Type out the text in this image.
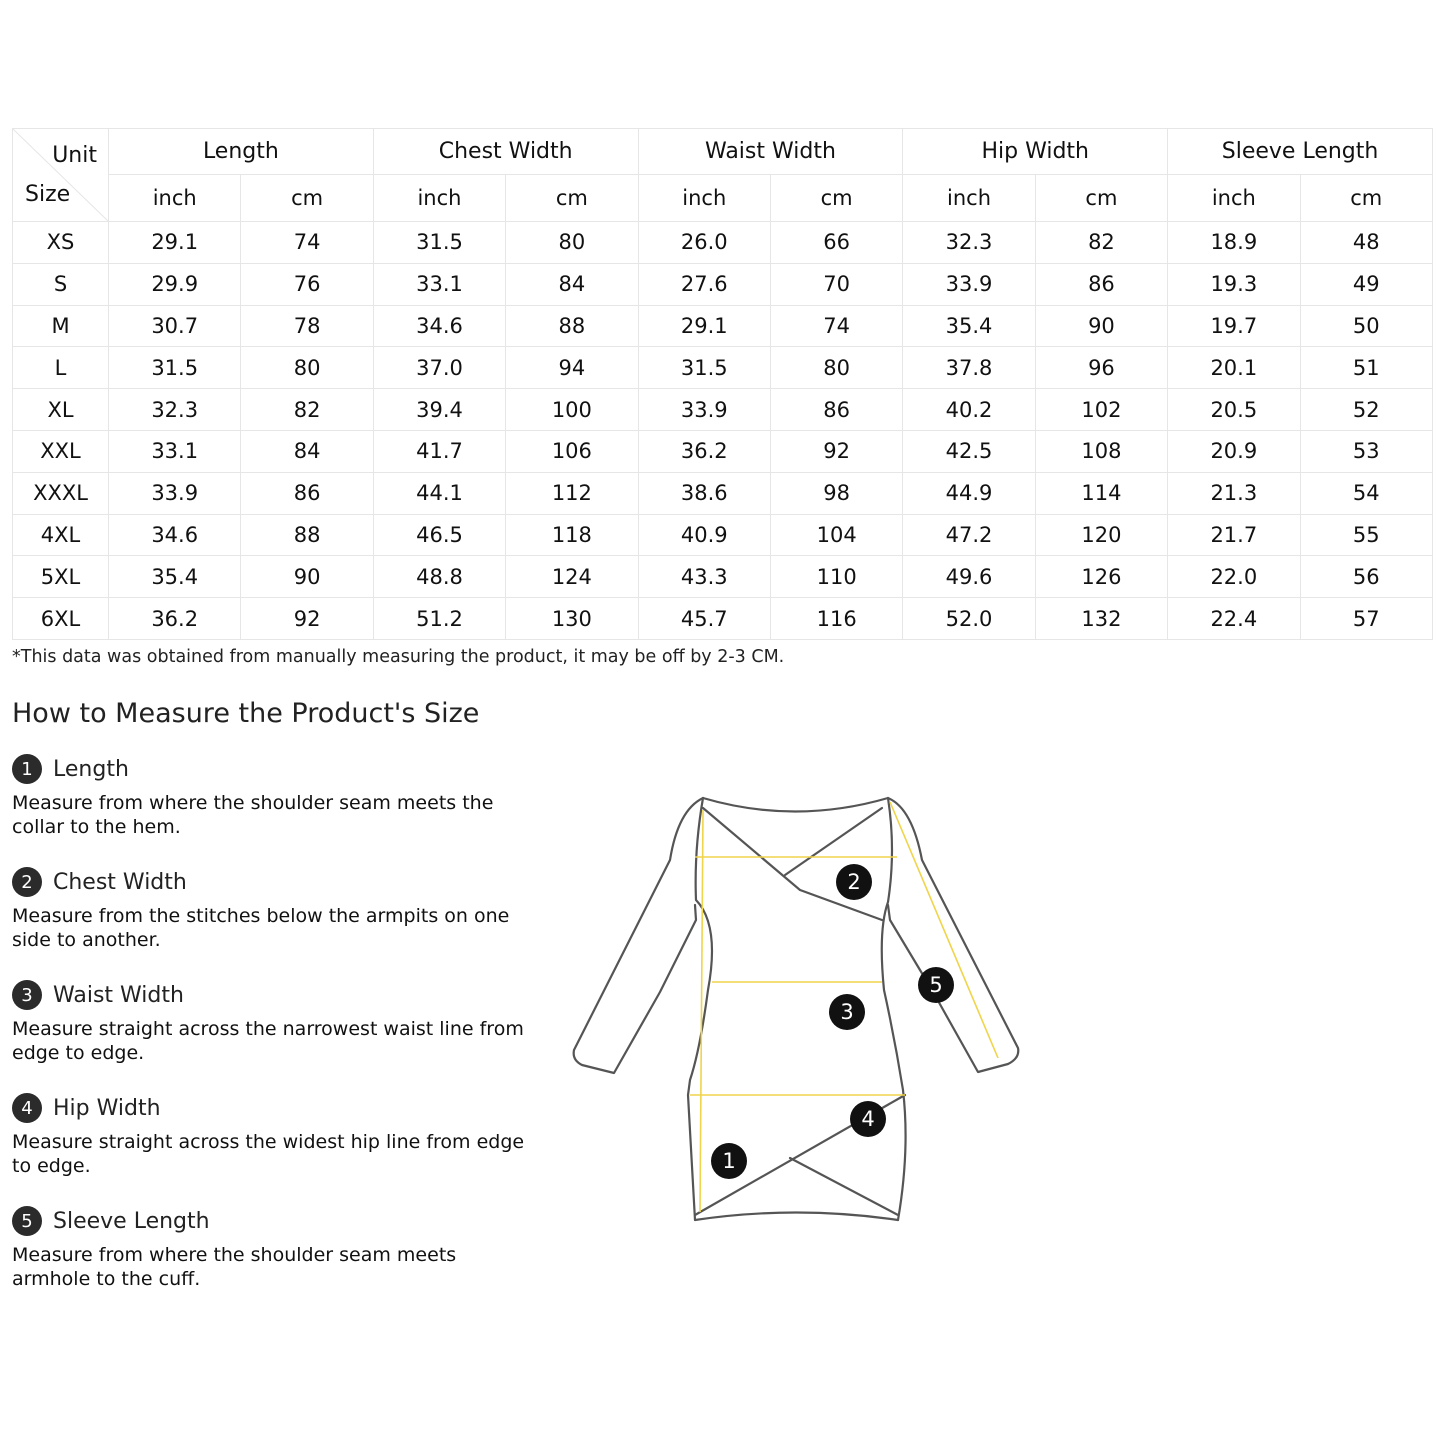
Unit
Size	Length		Chest Width		Waist Width		Hip Width		Sleeve Length	
	inch	cm	inch	cm	inch	cm	inch	cm	inch	cm
XS	29.1	74	31.5	80	26.0	66	32.3	82	18.9	48
S	29.9	76	33.1	84	27.6	70	33.9	86	19.3	49
M	30.7	78	34.6	88	29.1	74	35.4	90	19.7	50
L	31.5	80	37.0	94	31.5	80	37.8	96	20.1	51
XL	32.3	82	39.4	100	33.9	86	40.2	102	20.5	52
XXL	33.1	84	41.7	106	36.2	92	42.5	108	20.9	53
XXXL	33.9	86	44.1	112	38.6	98	44.9	114	21.3	54
4XL	34.6	88	46.5	118	40.9	104	47.2	120	21.7	55
5XL	35.4	90	48.8	124	43.3	110	49.6	126	22.0	56
6XL	36.2	92	51.2	130	45.7	116	52.0	132	22.4	57
*This data was obtained from manually measuring the product, it may be off by 2-3 CM.
How to Measure the Product's Size
1 Length
Measure from where the shoulder seam meets the collar to the hem.
2 Chest Width
Measure from the stitches below the armpits on one side to another.
3 Waist Width
Measure straight across the narrowest waist line from edge to edge.
4 Hip Width
Measure straight across the widest hip line from edge to edge.
5 Sleeve Length
Measure from where the shoulder seam meets armhole to the cuff.
1
2
3
4
5
